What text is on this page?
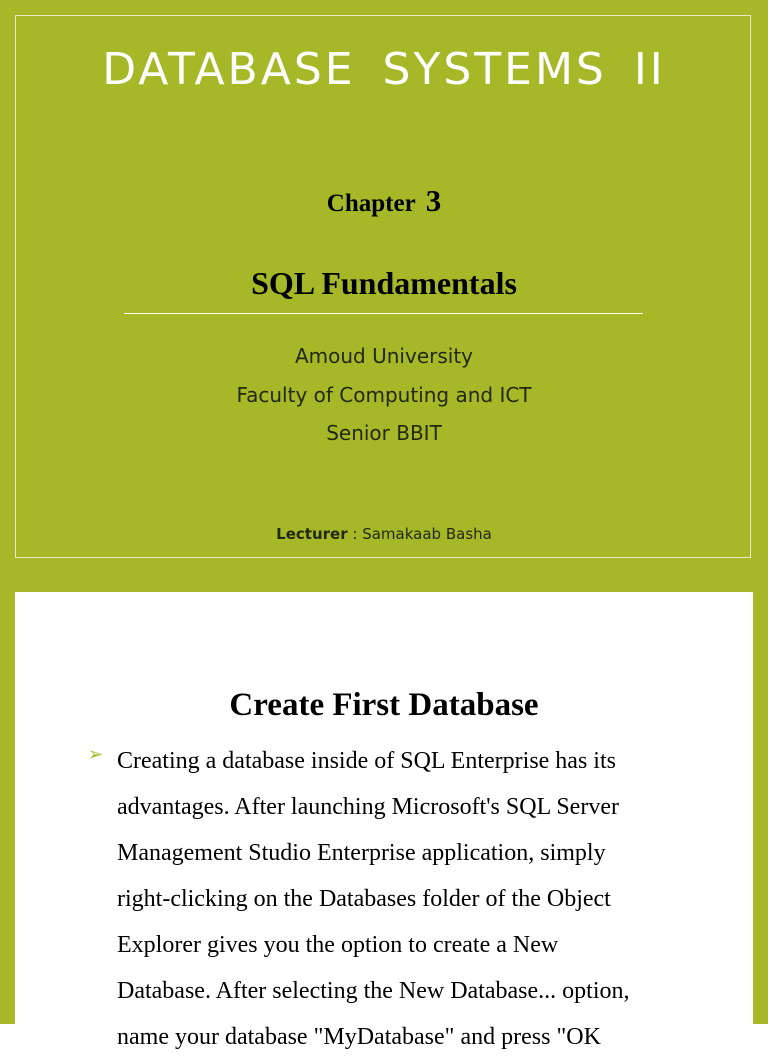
DATABASE SYSTEMS II
Chapter 3
SQL Fundamentals
Amoud University
Faculty of Computing and ICT
Senior BBIT
Lecturer : Samakaab Basha
Create First Database
➢ Creating a database inside of SQL Enterprise has its
advantages. After launching Microsoft's SQL Server
Management Studio Enterprise application, simply
right-clicking on the Databases folder of the Object
Explorer gives you the option to create a New
Database. After selecting the New Database... option,
name your database "MyDatabase" and press "OK
